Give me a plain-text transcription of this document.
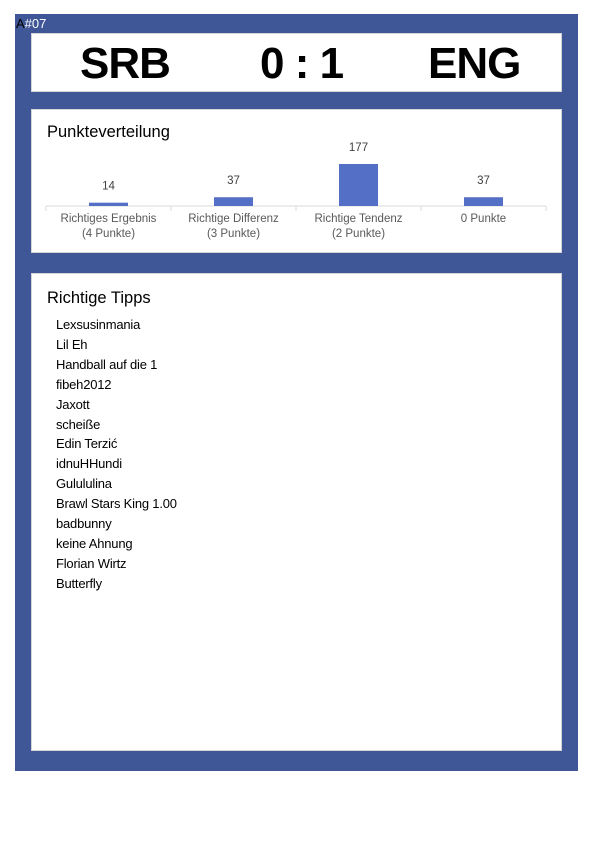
A#07
SRB 0 : 1 ENG
Punkteverteilung
14
Richtiges Ergebnis
(4 Punkte)
37
Richtige Differenz
(3 Punkte)
177
Richtige Tendenz
(2 Punkte)
37
0 Punkte
Richtige Tipps
Lexsusinmania
Lil Eh
Handball auf die 1
fibeh2012
Jaxott
scheiße
Edin Terzić
idnuHHundi
Gulululina
Brawl Stars King 1.00
badbunny
keine Ahnung
Florian Wirtz
Butterfly
